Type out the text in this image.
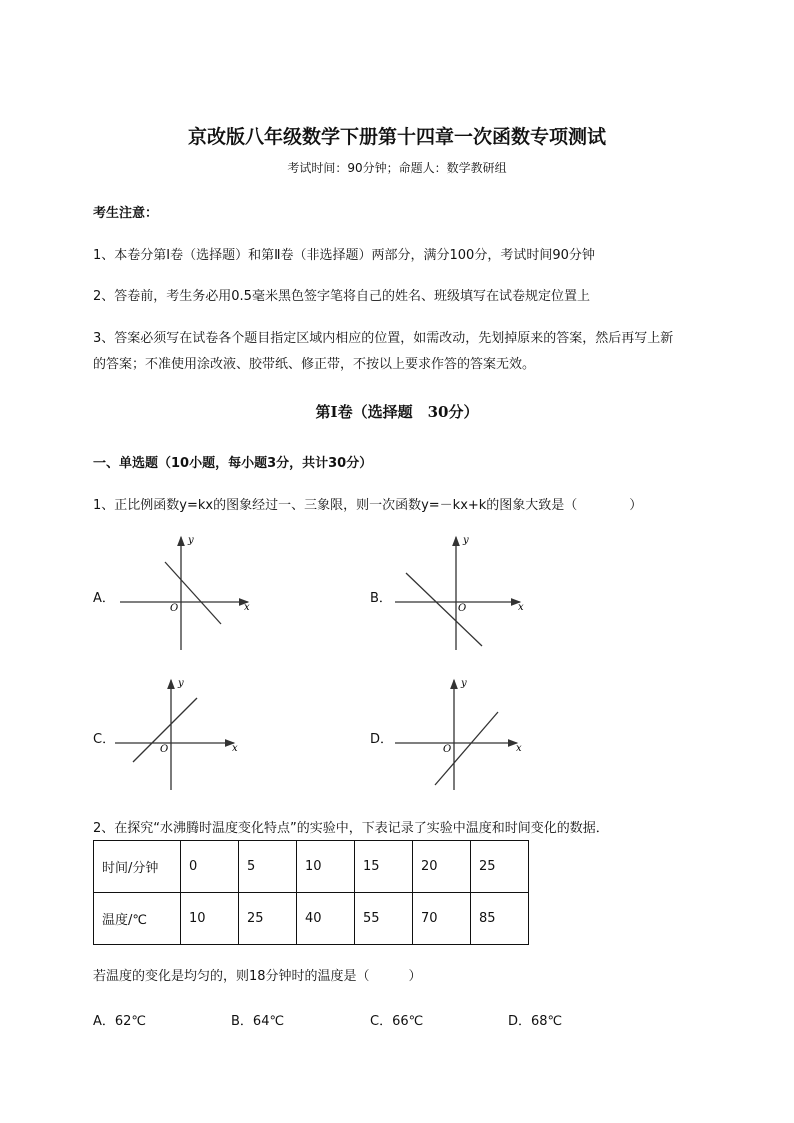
京改版八年级数学下册第十四章一次函数专项测试
考试时间：90分钟；命题人：数学教研组
考生注意：
1、本卷分第Ⅰ卷（选择题）和第Ⅱ卷（非选择题）两部分，满分100分，考试时间90分钟
2、答卷前，考生务必用0.5毫米黑色签字笔将自己的姓名、班级填写在试卷规定位置上
3、答案必须写在试卷各个题目指定区域内相应的位置，如需改动，先划掉原来的答案，然后再写上新
的答案；不准使用涂改液、胶带纸、修正带，不按以上要求作答的答案无效。
第Ⅰ卷（选择题　30分）
一、单选题（10小题，每小题3分，共计30分）
1、正比例函数y=kx的图象经过一、三象限，则一次函数y=－kx+k的图象大致是（　　　　）
A．	B．
C．	D．
O	x
y
O	x
y
O	x
y
O	x
y
2、在探究“水沸腾时温度变化特点”的实验中，下表记录了实验中温度和时间变化的数据．
时间/分钟	0	5	10	15	20	25
温度/℃	10	25	40	55	70	85
若温度的变化是均匀的，则18分钟时的温度是（　　　）
A．62℃	B．64℃	C．66℃	D．68℃
